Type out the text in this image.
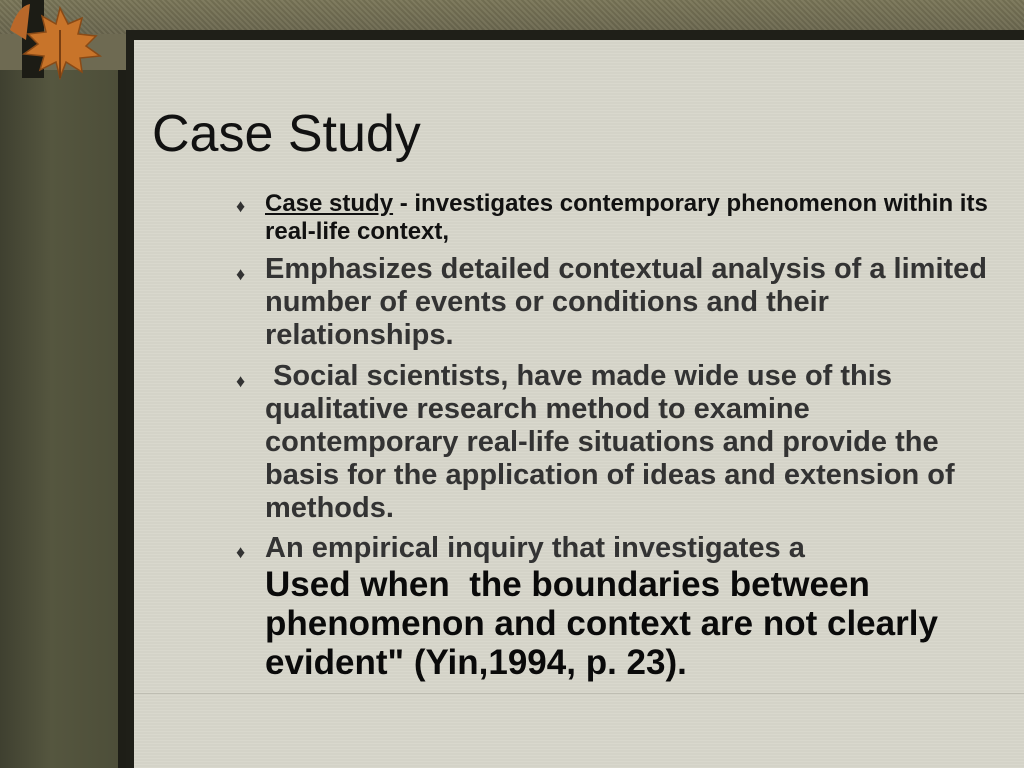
Case Study
♦ Case study - investigates contemporary phenomenon within its real-life context,
♦ Emphasizes detailed contextual analysis of a limited number of events or conditions and their relationships.
♦ Social scientists, have made wide use of this qualitative research method to examine contemporary real-life situations and provide the basis for the application of ideas and extension of methods.
♦ An empirical inquiry that investigates a
Used when  the boundaries between phenomenon and context are not clearly evident" (Yin,1994, p. 23).
